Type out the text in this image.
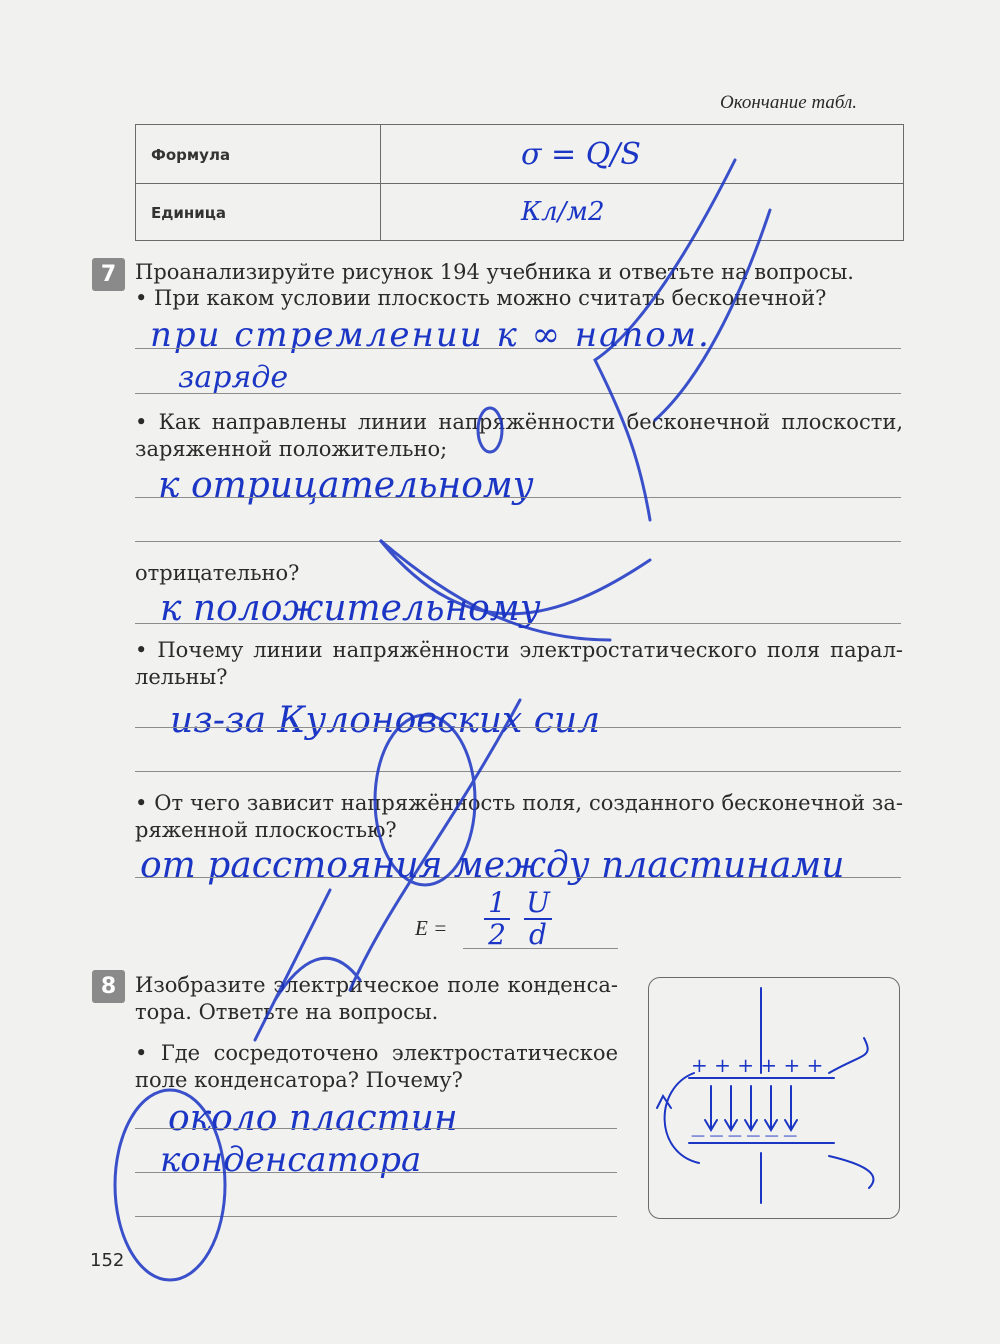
Окончание табл.
Формула	σ = Q/S
Единица	Кл/м2
7 Проанализируйте рисунок 194 учебника и ответьте на вопросы.
• При каком условии плоскость можно считать бесконечной?
при стремлении к ∞ напом.
заряде
• Как направлены линии напряжённости бесконечной плоскости,
заряженной положительно;
к отрицательному
отрицательно?
к положительному
• Почему линии напряжённости электростатического поля парал-
лельны?
из-за Кулоновских сил
• От чего зависит напряжённость поля, созданного бесконечной за-
ряженной плоскостью?
от расстояния между пластинами
E =
1
2
U
d
8 Изобразите электрическое поле конденса-
тора. Ответьте на вопросы.
• Где сосредоточено электростатическое
поле конденсатора? Почему?
около пластин
конденсатора
+ + + + + +
— — — — — —
152
